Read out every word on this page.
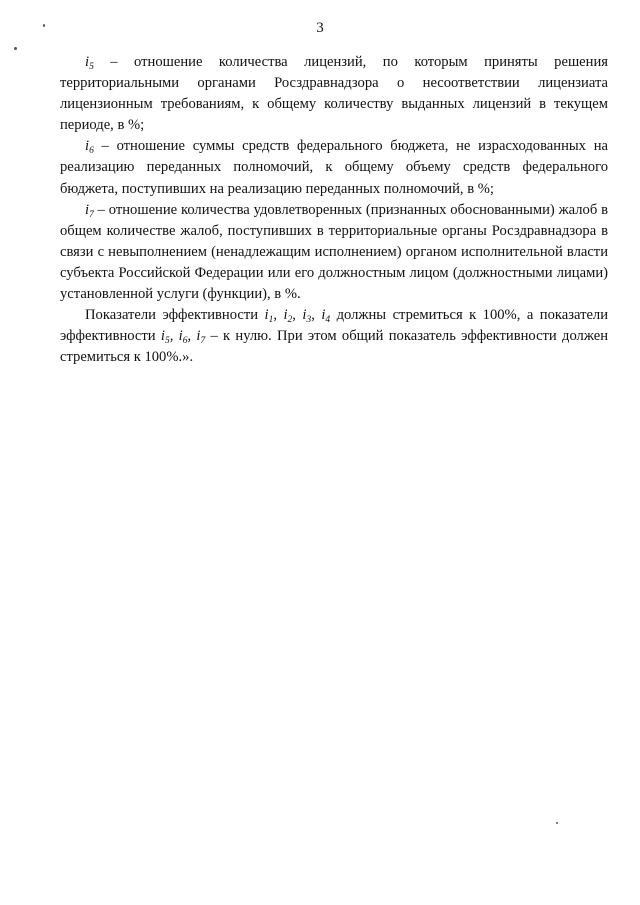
3

$i_5$ – отношение количества лицензий, по которым приняты решения территориальными органами Росздравнадзора о несоответствии лицензиата лицензионным требованиям, к общему количеству выданных лицензий в текущем периоде, в %;

$i_6$ – отношение суммы средств федерального бюджета, не израсходованных на реализацию переданных полномочий, к общему объему средств федерального бюджета, поступивших на реализацию переданных полномочий, в %;

$i_7$ – отношение количества удовлетворенных (признанных обоснованными) жалоб в общем количестве жалоб, поступивших в территориальные органы Росздравнадзора в связи с невыполнением (ненадлежащим исполнением) органом исполнительной власти субъекта Российской Федерации или его должностным лицом (должностными лицами) установленной услуги (функции), в %.

Показатели эффективности $i_1$, $i_2$, $i_3$, $i_4$ должны стремиться к 100%, а показатели эффективности $i_5$, $i_6$, $i_7$ – к нулю. При этом общий показатель эффективности должен стремиться к 100%.».
